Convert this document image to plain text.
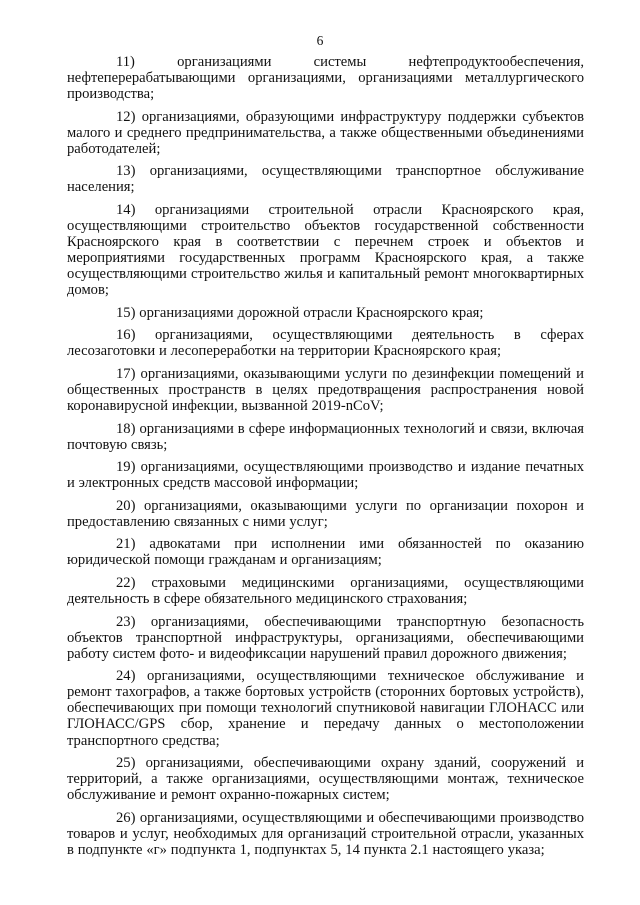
6

11) организациями системы нефтепродуктообеспечения, нефтеперерабатывающими организациями, организациями металлургического производства;

12) организациями, образующими инфраструктуру поддержки субъектов малого и среднего предпринимательства, а также общественными объединениями работодателей;

13) организациями, осуществляющими транспортное обслуживание населения;

14) организациями строительной отрасли Красноярского края, осуществляющими строительство объектов государственной собственности Красноярского края в соответствии с перечнем строек и объектов и мероприятиями государственных программ Красноярского края, а также осуществляющими строительство жилья и капитальный ремонт многоквартирных домов;

15) организациями дорожной отрасли Красноярского края;

16) организациями, осуществляющими деятельность в сферах лесозаготовки и лесопереработки на территории Красноярского края;

17) организациями, оказывающими услуги по дезинфекции помещений и общественных пространств в целях предотвращения распространения новой коронавирусной инфекции, вызванной 2019-nCoV;

18) организациями в сфере информационных технологий и связи, включая почтовую связь;

19) организациями, осуществляющими производство и издание печатных и электронных средств массовой информации;

20) организациями, оказывающими услуги по организации похорон и предоставлению связанных с ними услуг;

21) адвокатами при исполнении ими обязанностей по оказанию юридической помощи гражданам и организациям;

22) страховыми медицинскими организациями, осуществляющими деятельность в сфере обязательного медицинского страхования;

23) организациями, обеспечивающими транспортную безопасность объектов транспортной инфраструктуры, организациями, обеспечивающими работу систем фото- и видеофиксации нарушений правил дорожного движения;

24) организациями, осуществляющими техническое обслуживание и ремонт тахографов, а также бортовых устройств (сторонних бортовых устройств), обеспечивающих при помощи технологий спутниковой навигации ГЛОНАСС или ГЛОНАСС/GPS сбор, хранение и передачу данных о местоположении транспортного средства;

25) организациями, обеспечивающими охрану зданий, сооружений и территорий, а также организациями, осуществляющими монтаж, техническое обслуживание и ремонт охранно-пожарных систем;

26) организациями, осуществляющими и обеспечивающими производство товаров и услуг, необходимых для организаций строительной отрасли, указанных в подпункте «г» подпункта 1, подпунктах 5, 14 пункта 2.1 настоящего указа;
